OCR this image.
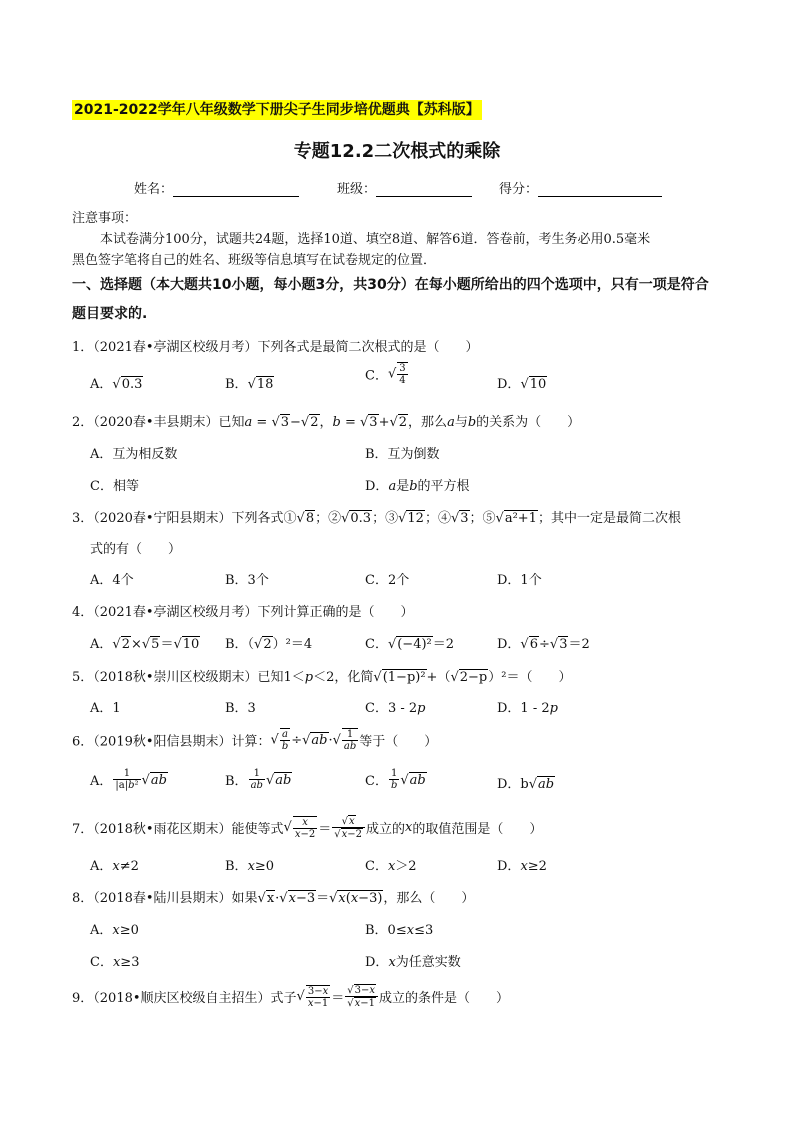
2021-2022学年八年级数学下册尖子生同步培优题典【苏科版】
专题12.2二次根式的乘除
姓名：	班级：	得分：
注意事项：
本试卷满分100分，试题共24题，选择10道、填空8道、解答6道．答卷前，考生务必用0.5毫米
黑色签字笔将自己的姓名、班级等信息填写在试卷规定的位置．
一、选择题（本大题共10小题，每小题3分，共30分）在每小题所给出的四个选项中，只有一项是符合
题目要求的.
1．（2021春•亭湖区校级月考）下列各式是最简二次根式的是（　　）
A．√0.3	B．√18
C．√ $\frac{3}{4}$	D．√10
2．（2020春•丰县期末）已知a = √3−√2，b = √3+√2，那么a与b的关系为（　　）
A．互为相反数	B．互为倒数
C．相等	D．a是b的平方根
3．（2020春•宁阳县期末）下列各式①√8；②√0.3；③√12；④√3；⑤√a²+1；其中一定是最简二次根
式的有（　　）
A．4个	B．3个	C．2个	D．1个
4．（2021春•亭湖区校级月考）下列计算正确的是（　　）
A．√2×√5＝√10 B．（√2）²＝4	C．√(−4)²＝2	D．√6÷√3＝2
5．（2018秋•崇川区校级期末）已知1＜p＜2，化简√(1−p)²+（√2−p）²＝（　　）
A．1	B．3	C．3 - 2p	D．1 - 2p
6．（2019秋•阳信县期末）计算：√ $\frac{a}{b} \div√ab\cdot√ \frac{1}{ab}$ 等于（　　）
A． $\frac{1}{\text{|a|b²}} √ab$	B． $\frac{1}{ab} √ab$	C． $\frac{1}{b} √ab$	D．b√ab
7．（2018秋•雨花区期末）能使等式√ $\frac{x}{x-2} = \frac{√x}{√x-2}$ 成立的x的取值范围是（　　）
A．x≠2	B．x≥0	C．x＞2	D．x≥2
8．（2018春•陆川县期末）如果√x·√x−3＝√x(x−3)，那么（　　）
A．x≥0	B．0≤x≤3
C．x≥3	D．x为任意实数
9．（2018•顺庆区校级自主招生）式子√ $\frac{3-x}{x-1} = \frac{√3-x}{√x-1}$ 成立的条件是（　　）
